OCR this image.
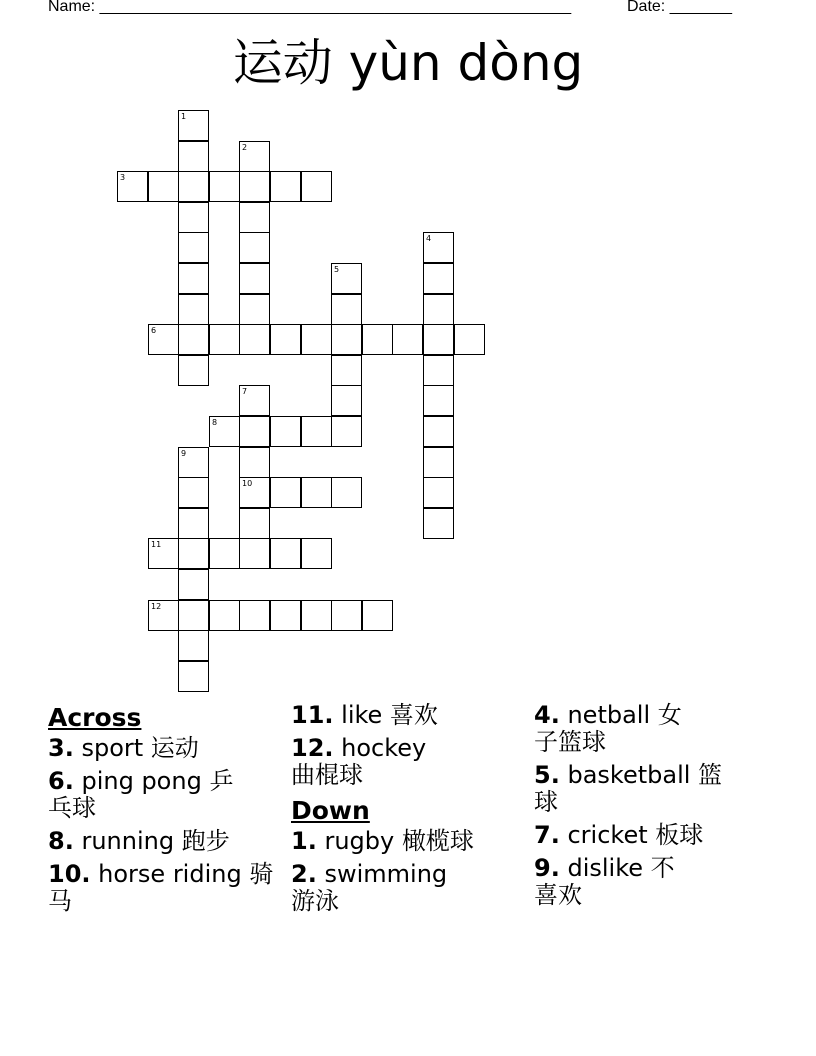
Name: _____________________________________________________	Date: _______
运动 yùn dòng
1
2
3
4
5
6
7
8
9
10
11
12
Across
3. sport 运动
6. ping pong 乒乓球
8. running 跑步
10. horse riding 骑马
11. like 喜欢
12. hockey 曲棍球
Down
1. rugby 橄榄球
2. swimming 游泳
4. netball 女子篮球
5. basketball 篮球
7. cricket 板球
9. dislike 不喜欢
